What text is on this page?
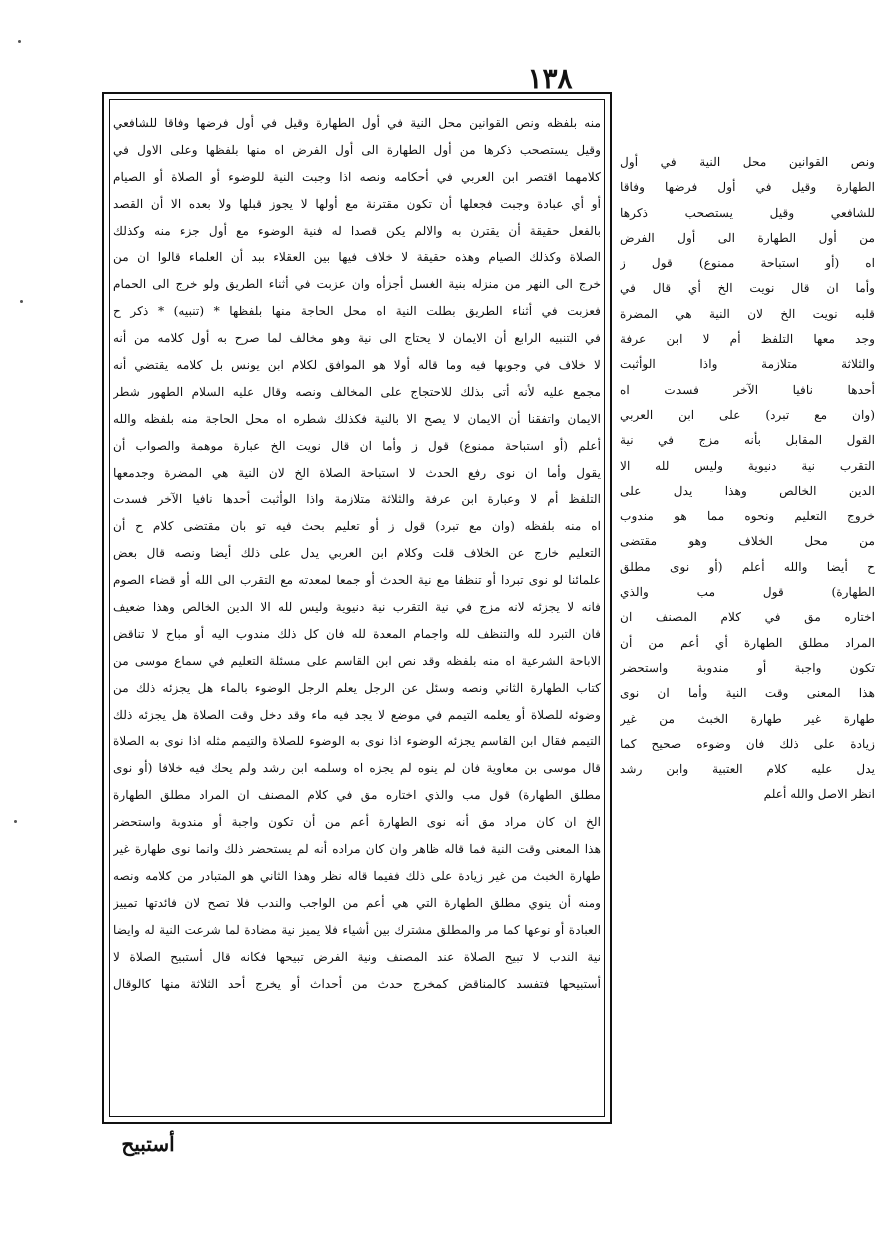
١٣٨
منه بلفظه ونص القوانين محل النية في أول الطهارة وقيل في أول فرضها وفاقا للشافعي
وقيل يستصحب ذكرها من أول الطهارة الى أول الفرض اه منها بلفظها وعلى الاول في
كلامهما اقتصر ابن العربي في أحكامه ونصه اذا وجبت النية للوضوء أو الصلاة أو الصيام
أو أي عبادة وجبت فجعلها أن تكون مقترنة مع أولها لا يجوز قبلها ولا بعده الا أن القصد
بالفعل حقيقة أن يقترن به والالم يكن قصدا له فنية الوضوء مع أول جزء منه وكذلك
الصلاة وكذلك الصيام وهذه حقيقة لا خلاف فيها بين العقلاء ببد أن العلماء قالوا ان من
خرج الى النهر من منزله بنية الغسل أجزأه وان عزبت في أثناء الطريق ولو خرج الى الحمام
فعزبت في أثناء الطريق بطلت النية اه محل الحاجة منها بلفظها * (تنبيه) * ذكر ح
في التنبيه الرابع أن الايمان لا يحتاج الى نية وهو مخالف لما صرح به أول كلامه من أنه
لا خلاف في وجوبها فيه وما قاله أولا هو الموافق لكلام ابن يونس بل كلامه يقتضي أنه
مجمع عليه لأنه أتى بذلك للاحتجاج على المخالف ونصه وقال عليه السلام الطهور شطر
الايمان واتفقنا أن الايمان لا يصح الا بالنية فكذلك شطره اه محل الحاجة منه بلفظه والله
أعلم (أو استباحة ممنوع) قول ز وأما ان قال نويت الخ عبارة موهمة والصواب أن
يقول وأما ان نوى رفع الحدث لا استباحة الصلاة الخ لان النية هي المضرة وجدمعها
التلفظ أم لا وعبارة ابن عرفة والثلاثة متلازمة واذا الوأثبت أحدها نافيا الآخر فسدت
اه منه بلفظه (وان مع تبرد) قول ز أو تعليم بحث فيه تو بان مقتضى كلام ح أن
التعليم خارج عن الخلاف قلت وكلام ابن العربي يدل على ذلك أيضا ونصه قال بعض
علمائنا لو نوى تبردا أو تنظفا مع نية الحدث أو جمعا لمعدته مع التقرب الى الله أو قضاء الصوم
فانه لا يجزئه لانه مزج في نية التقرب نية دنيوية وليس لله الا الدين الخالص وهذا ضعيف
فان التبرد لله والتنظف لله واجمام المعدة لله فان كل ذلك مندوب اليه أو مباح لا تناقض
الاباحة الشرعية اه منه بلفظه وقد نص ابن القاسم على مسئلة التعليم في سماع موسى من
كتاب الطهارة الثاني ونصه وسئل عن الرجل يعلم الرجل الوضوء بالماء هل يجزئه ذلك من
وضوئه للصلاة أو يعلمه التيمم في موضع لا يجد فيه ماء وقد دخل وقت الصلاة هل يجزئه ذلك
التيمم فقال ابن القاسم يجزئه الوضوء اذا نوى به الوضوء للصلاة والتيمم مثله اذا نوى به الصلاة
قال موسى بن معاوية فان لم ينوه لم يجزه اه وسلمه ابن رشد ولم يحك فيه خلافا (أو نوى
مطلق الطهارة) قول مب والذي اختاره مق في كلام المصنف ان المراد مطلق الطهارة
الخ ان كان مراد مق أنه نوى الطهارة أعم من أن تكون واجبة أو مندوبة واستحضر
هذا المعنى وقت النية فما قاله ظاهر وان كان مراده أنه لم يستحضر ذلك وانما نوى طهارة غير
طهارة الخبث من غير زيادة على ذلك ففيما قاله نظر وهذا الثاني هو المتبادر من كلامه ونصه
ومنه أن ينوي مطلق الطهارة التي هي أعم من الواجب والندب فلا تصح لان فائدتها تمييز
العبادة أو نوعها كما مر والمطلق مشترك بين أشياء فلا يميز نية مضادة لما شرعت النية له وايضا
نية الندب لا تبيح الصلاة عند المصنف ونية الفرض تبيحها فكانه قال أستبيح الصلاة لا
أستبيحها فتفسد كالمناقض كمخرج حدث من أحداث أو يخرج أحد الثلاثة منها كالوقال
ونص القوانين محل النية في أول
الطهارة وقيل في أول فرضها وفاقا
للشافعي وقيل يستصحب ذكرها
من أول الطهارة الى أول الفرض
اه (أو استباحة ممنوع) قول ز
وأما ان قال نويت الخ أي قال في
قلبه نويت الخ لان النية هي المضرة
وجد معها التلفظ أم لا ابن عرفة
والثلاثة متلازمة واذا الوأثبت
أحدها نافيا الآخر فسدت اه
(وان مع تبرد) على ابن العربي
القول المقابل بأنه مزج في نية
التقرب نية دنيوية وليس لله الا
الدين الخالص وهذا يدل على
خروج التعليم ونحوه مما هو مندوب
من محل الخلاف وهو مقتضى
ح أيضا والله أعلم (أو نوى مطلق
الطهارة) قول مب والذي
اختاره مق في كلام المصنف ان
المراد مطلق الطهارة أي أعم من أن
تكون واجبة أو مندوبة واستحضر
هذا المعنى وقت النية وأما ان نوى
طهارة غير طهارة الخبث من غير
زيادة على ذلك فان وضوءه صحيح كما
يدل عليه كلام العتبية وابن رشد
انظر الاصل والله أعلم
أستبيح
